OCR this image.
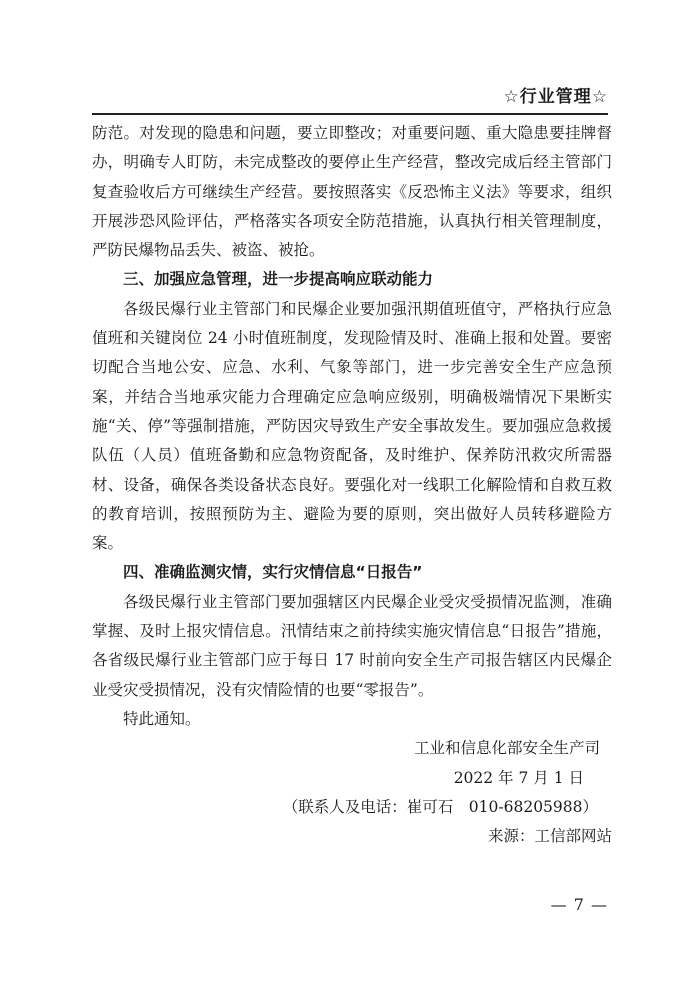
☆行业管理☆

防范。对发现的隐患和问题，要立即整改；对重要问题、重大隐患要挂牌督办，明确专人盯防，未完成整改的要停止生产经营，整改完成后经主管部门复查验收后方可继续生产经营。要按照落实《反恐怖主义法》等要求，组织开展涉恐风险评估，严格落实各项安全防范措施，认真执行相关管理制度，严防民爆物品丢失、被盗、被抢。

三、加强应急管理，进一步提高响应联动能力

各级民爆行业主管部门和民爆企业要加强汛期值班值守，严格执行应急值班和关键岗位 24 小时值班制度，发现险情及时、准确上报和处置。要密切配合当地公安、应急、水利、气象等部门，进一步完善安全生产应急预案，并结合当地承灾能力合理确定应急响应级别，明确极端情况下果断实施“关、停”等强制措施，严防因灾导致生产安全事故发生。要加强应急救援队伍（人员）值班备勤和应急物资配备，及时维护、保养防汛救灾所需器材、设备，确保各类设备状态良好。要强化对一线职工化解险情和自救互救的教育培训，按照预防为主、避险为要的原则，突出做好人员转移避险方案。

四、准确监测灾情，实行灾情信息“日报告”

各级民爆行业主管部门要加强辖区内民爆企业受灾受损情况监测，准确掌握、及时上报灾情信息。汛情结束之前持续实施灾情信息“日报告”措施，各省级民爆行业主管部门应于每日 17 时前向安全生产司报告辖区内民爆企业受灾受损情况，没有灾情险情的也要“零报告”。

特此通知。

工业和信息化部安全生产司

2022 年 7 月 1 日

（联系人及电话：崔可石　010-68205988）

来源：工信部网站

— 7 —
